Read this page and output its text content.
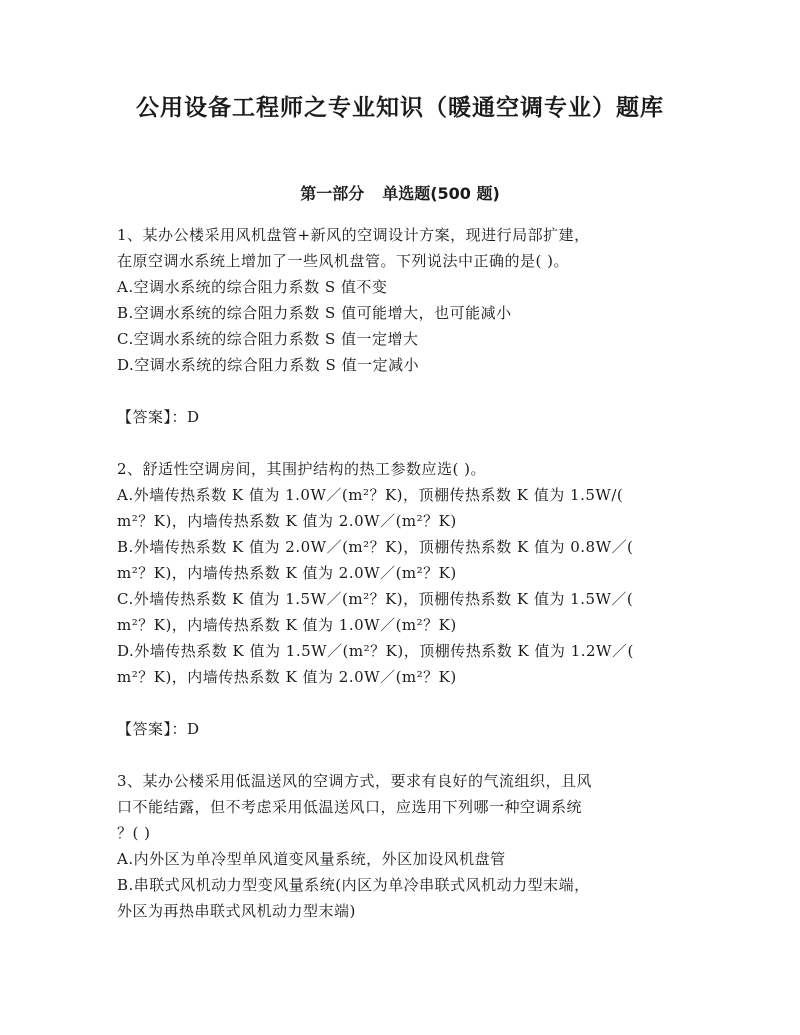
公用设备工程师之专业知识（暖通空调专业）题库
第一部分 单选题(500 题)
1、某办公楼采用风机盘管+新风的空调设计方案，现进行局部扩建，
在原空调水系统上增加了一些风机盘管。下列说法中正确的是( )。
A.空调水系统的综合阻力系数 S 值不变
B.空调水系统的综合阻力系数 S 值可能增大，也可能减小
C.空调水系统的综合阻力系数 S 值一定增大
D.空调水系统的综合阻力系数 S 值一定减小
【答案】：D
2、舒适性空调房间，其围护结构的热工参数应选( )。
A.外墙传热系数 K 值为 1.0W／(m²？K)，顶棚传热系数 K 值为 1.5W/(
m²？K)，内墙传热系数 K 值为 2.0W／(m²？K)
B.外墙传热系数 K 值为 2.0W／(m²？K)，顶棚传热系数 K 值为 0.8W／(
m²？K)，内墙传热系数 K 值为 2.0W／(m²？K)
C.外墙传热系数 K 值为 1.5W／(m²？K)，顶棚传热系数 K 值为 1.5W／(
m²？K)，内墙传热系数 K 值为 1.0W／(m²？K)
D.外墙传热系数 K 值为 1.5W／(m²？K)，顶棚传热系数 K 值为 1.2W／(
m²？K)，内墙传热系数 K 值为 2.0W／(m²？K)
【答案】：D
3、某办公楼采用低温送风的空调方式，要求有良好的气流组织，且风
口不能结露，但不考虑采用低温送风口，应选用下列哪一种空调系统
？( )
A.内外区为单冷型单风道变风量系统，外区加设风机盘管
B.串联式风机动力型变风量系统(内区为单冷串联式风机动力型末端，
外区为再热串联式风机动力型末端)
